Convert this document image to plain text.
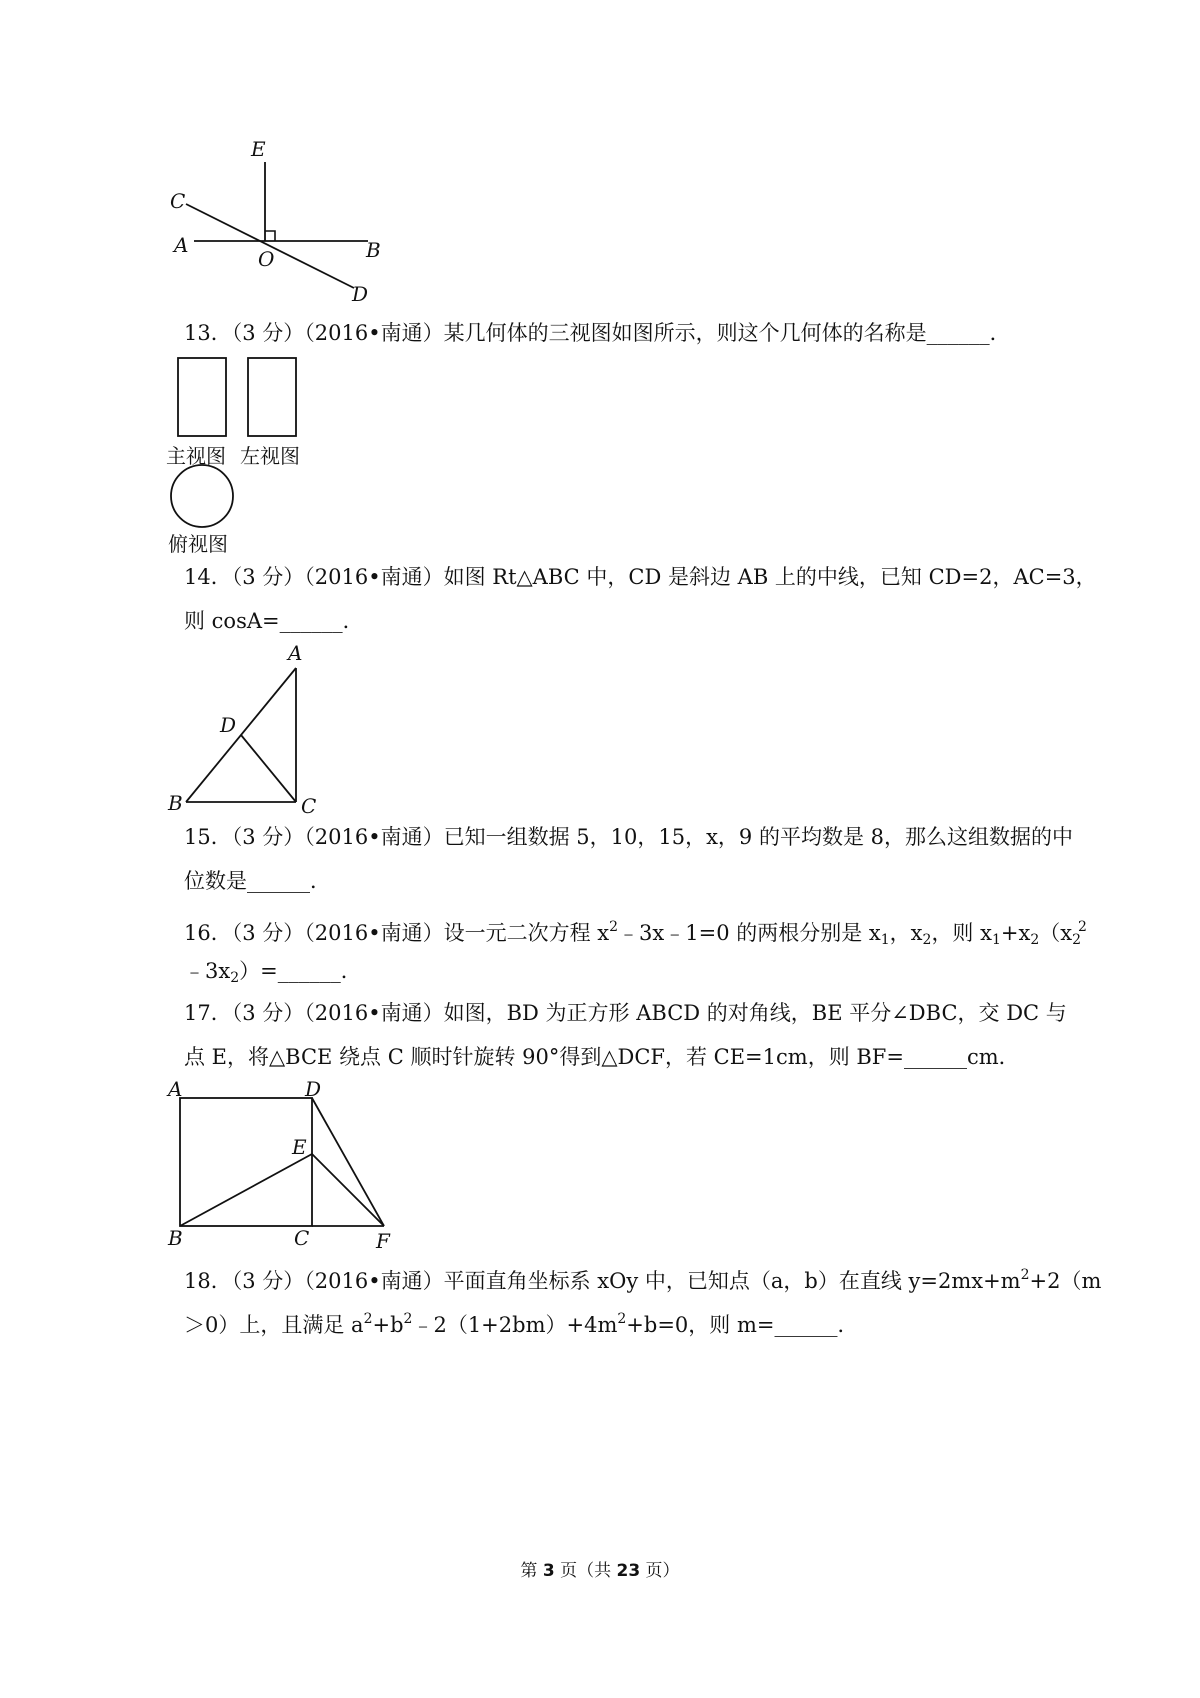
E
C
A
O	B
D
13．（3 分）（2016•南通）某几何体的三视图如图所示，则这个几何体的名称是______．
主视图 左视图
俯视图
14．（3 分）（2016•南通）如图 Rt△ABC 中，CD 是斜边 AB 上的中线，已知 CD=2，AC=3，
则 cosA=______．
A
D
B	C
15．（3 分）（2016•南通）已知一组数据 5，10，15，x，9 的平均数是 8，那么这组数据的中
位数是______．
16．（3 分）（2016•南通）设一元二次方程 $x^2﹣3x﹣1=0$ 的两根分别是 $x_1$，$x_2$，则 $x_1+x_2(x_2^2$
$﹣3x_2)=\_\_\_\_\_\_$．
17．（3 分）（2016•南通）如图，BD 为正方形 ABCD 的对角线，BE 平分∠DBC，交 DC 与
点 E，将△BCE 绕点 C 顺时针旋转 90°得到△DCF，若 CE=1cm，则 BF=______cm．
A	D
E
B	C	F
18．（3 分）（2016•南通）平面直角坐标系 xOy 中，已知点（a，b）在直线 $y=2mx+m^2+2(m$
＞0）上，且满足 $a^2+b^2﹣2(1+2bm)+4m^2+b=0$，则 m=______．
第 3 页（共 23 页）
